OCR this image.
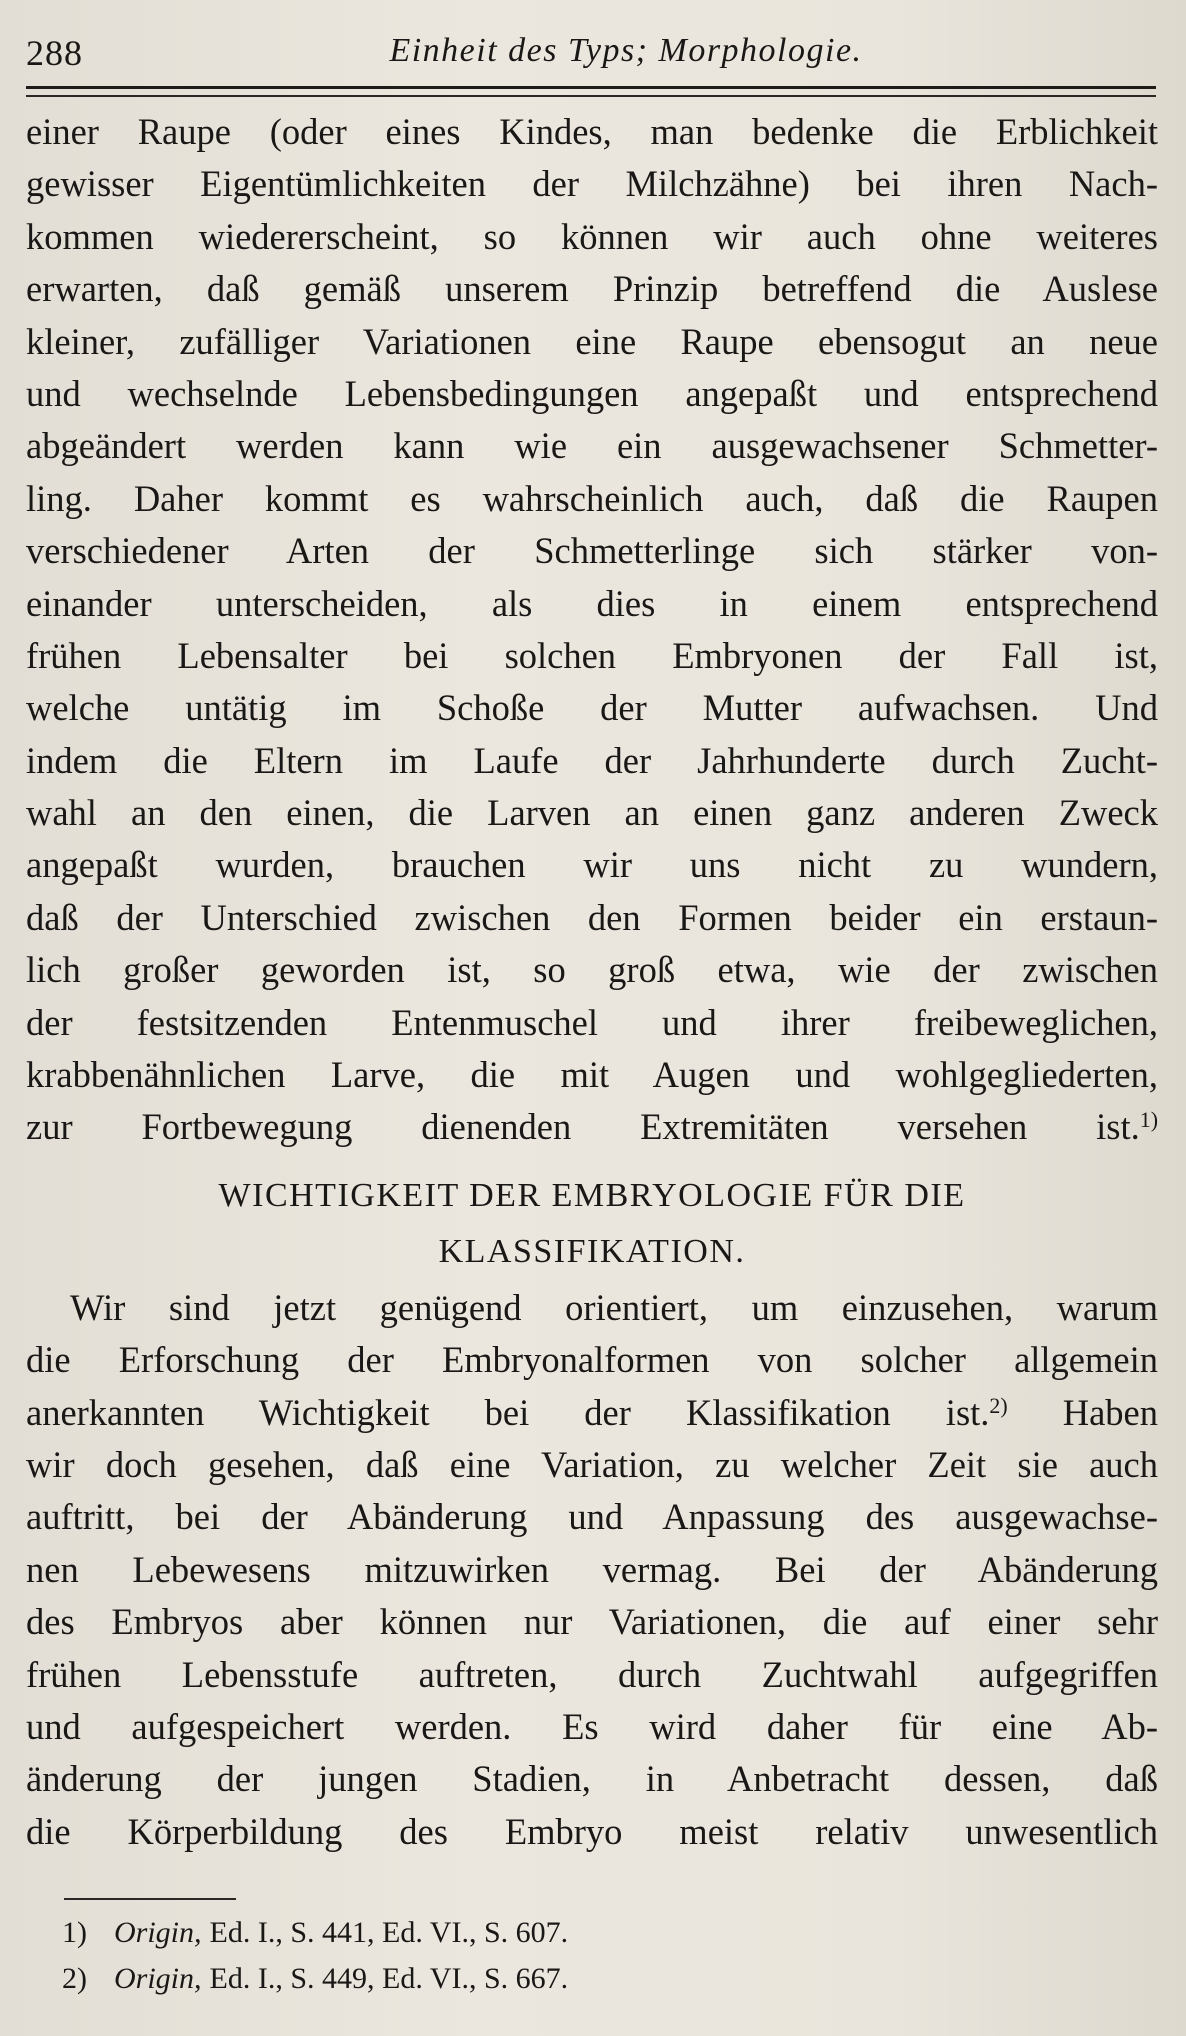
288	Einheit des Typs; Morphologie.
einer Raupe (oder eines Kindes, man bedenke die Erblichkeit
gewisser Eigentümlichkeiten der Milchzähne) bei ihren Nach-
kommen wiedererscheint, so können wir auch ohne weiteres
erwarten, daß gemäß unserem Prinzip betreffend die Auslese
kleiner, zufälliger Variationen eine Raupe ebensogut an neue
und wechselnde Lebensbedingungen angepaßt und entsprechend
abgeändert werden kann wie ein ausgewachsener Schmetter-
ling. Daher kommt es wahrscheinlich auch, daß die Raupen
verschiedener Arten der Schmetterlinge sich stärker von-
einander unterscheiden, als dies in einem entsprechend
frühen Lebensalter bei solchen Embryonen der Fall ist,
welche untätig im Schoße der Mutter aufwachsen. Und
indem die Eltern im Laufe der Jahrhunderte durch Zucht-
wahl an den einen, die Larven an einen ganz anderen Zweck
angepaßt wurden, brauchen wir uns nicht zu wundern,
daß der Unterschied zwischen den Formen beider ein erstaun-
lich großer geworden ist, so groß etwa, wie der zwischen
der festsitzenden Entenmuschel und ihrer freibeweglichen,
krabbenähnlichen Larve, die mit Augen und wohlgegliederten,
zur Fortbewegung dienenden Extremitäten versehen ist.$^{1)}$
WICHTIGKEIT DER EMBRYOLOGIE FÜR DIE
KLASSIFIKATION.
Wir sind jetzt genügend orientiert, um einzusehen, warum
die Erforschung der Embryonalformen von solcher allgemein
anerkannten Wichtigkeit bei der Klassifikation ist.$^{2)}$ Haben
wir doch gesehen, daß eine Variation, zu welcher Zeit sie auch
auftritt, bei der Abänderung und Anpassung des ausgewachse-
nen Lebewesens mitzuwirken vermag. Bei der Abänderung
des Embryos aber können nur Variationen, die auf einer sehr
frühen Lebensstufe auftreten, durch Zuchtwahl aufgegriffen
und aufgespeichert werden. Es wird daher für eine Ab-
änderung der jungen Stadien, in Anbetracht dessen, daß
die Körperbildung des Embryo meist relativ unwesentlich
1) Origin, Ed. I., S. 441, Ed. VI., S. 607.
2) Origin, Ed. I., S. 449, Ed. VI., S. 667.
